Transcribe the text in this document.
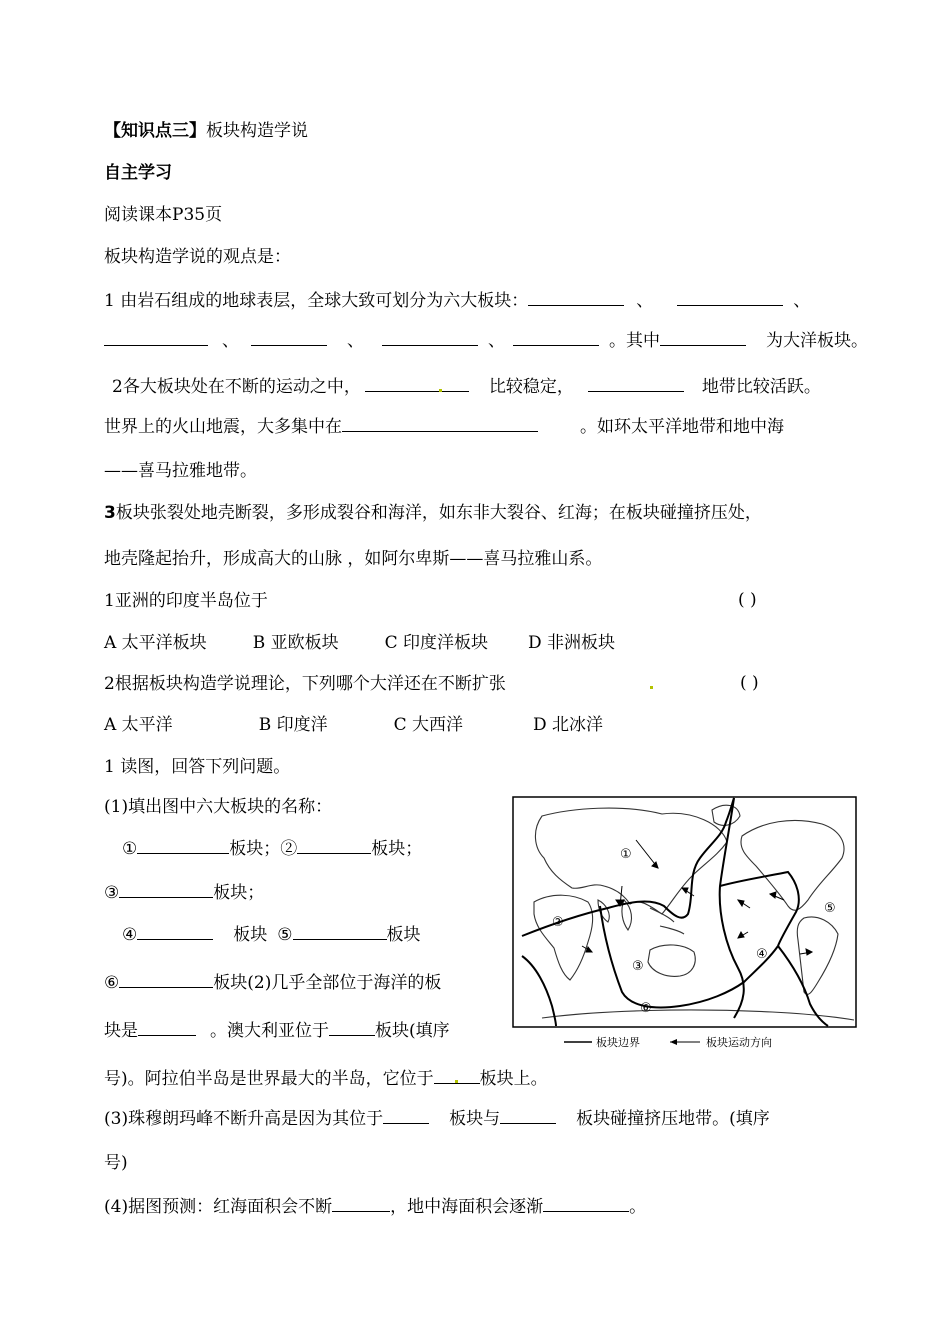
【知识点三】板块构造学说
自主学习
阅读课本P35页
板块构造学说的观点是：
1 由岩石组成的地球表层，全球大致可划分为六大板块：	、	、
、	、	、	。其中	为大洋板块。
2各大板块处在不断的运动之中，	比较稳定，	地带比较活跃。
世界上的火山地震，大多集中在	。如环太平洋地带和地中海
——喜马拉雅地带。
3板块张裂处地壳断裂，多形成裂谷和海洋，如东非大裂谷、红海；在板块碰撞挤压处，
地壳隆起抬升，形成高大的山脉 ，如阿尔卑斯——喜马拉雅山系。
1亚洲的印度半岛位于	( )
A 太平洋板块	B 亚欧板块	C 印度洋板块 D 非洲板块
2根据板块构造学说理论，下列哪个大洋还在不断扩张	( )
A 太平洋	B 印度洋	C 大西洋	D 北冰洋
1 读图，回答下列问题。
(1)填出图中六大板块的名称：
①	板块；②	板块；
③	板块；
④	板块 ⑤	板块
⑥	板块(2)几乎全部位于海洋的板
块是	。澳大利亚位于	板块(填序
号)。阿拉伯半岛是世界最大的半岛，它位于	板块上。
(3)珠穆朗玛峰不断升高是因为其位于	板块与	板块碰撞挤压地带。(填序
号)
(4)据图预测：红海面积会不断	，地中海面积会逐渐	。
①
②
③
④
⑤
⑥
板块边界	板块运动方向
